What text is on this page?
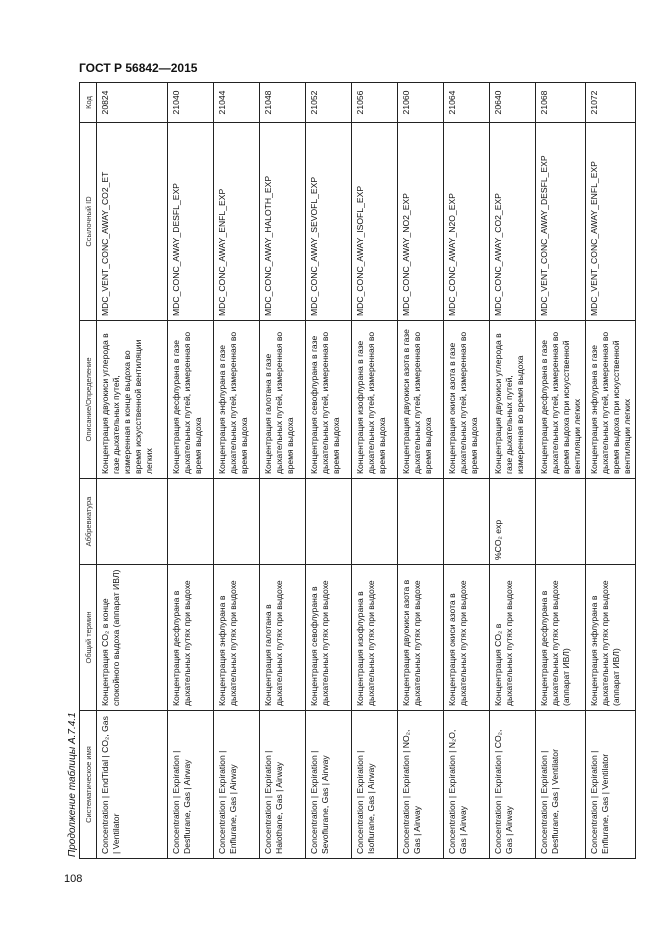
ГОСТ Р 56842—2015
Продолжение таблицы А.7.4.1 Систематическое имя	Общий термин	Аббревиатура	Описание/Определение	Ссылочный ID	Код
Concentration | EndTidal | CO₂, Gas | Ventilator	Концентрация CO₂ в конце спокойного выдоха (аппарат ИВЛ)		Концентрация двуокиси углерода в газе дыхательных путей, измеренная в конце выдоха во время искусственной вентиляции легких	MDC_VENT_CONC_AWAY_CO2_ET	20824
Concentration | Expiration | Desflurane, Gas | Airway	Концентрация десфлурана в дыхательных путях при выдохе		Концентрация десфлурана в газе дыхательных путей, измеренная во время выдоха	MDC_CONC_AWAY_DESFL_EXP	21040
Concentration | Expiration | Enflurane, Gas | Airway	Концентрация энфлурана в дыхательных путях при выдохе		Концентрация энфлурана в газе дыхательных путей, измеренная во время выдоха	MDC_CONC_AWAY_ENFL_EXP	21044
Concentration | Expiration | Halothane, Gas | Airway	Концентрация галотана в дыхательных путях при выдохе		Концентрация галотана в газе дыхательных путей, измеренная во время выдоха	MDC_CONC_AWAY_HALOTH_EXP	21048
Concentration | Expiration | Sevoflurane, Gas | Airway	Концентрация севофлурана в дыхательных путях при выдохе		Концентрация севофлурана в газе дыхательных путей, измеренная во время выдоха	MDC_CONC_AWAY_SEVOFL_EXP	21052
Concentration | Expiration | Isoflurane, Gas | Airway	Концентрация изофлурана в дыхательных путях при выдохе		Концентрация изофлурана в газе дыхательных путей, измеренная во время выдоха	MDC_CONC_AWAY_ISOFL_EXP	21056
Concentration | Expiration | NO₂, Gas | Airway	Концентрация двуокиси азота в дыхательных путях при выдохе		Концентрация двуокиси азота в газе дыхательных путей, измеренная во время выдоха	MDC_CONC_AWAY_NO2_EXP	21060
Concentration | Expiration | N₂O, Gas | Airway	Концентрация окиси азота в дыхательных путях при выдохе		Концентрация окиси азота в газе дыхательных путей, измеренная во время выдоха	MDC_CONC_AWAY_N2O_EXP	21064
Concentration | Expiration | CO₂, Gas | Airway	Концентрация CO₂ в дыхательных путях при выдохе	%CO₂ exp	Концентрация двуокиси углерода в газе дыхательных путей, измеренная во время выдоха	MDC_CONC_AWAY_CO2_EXP	20640
Concentration | Expiration | Desflurane, Gas | Ventilator	Концентрация десфлурана в дыхательных путях при выдохе (аппарат ИВЛ)		Концентрация десфлурана в газе дыхательных путей, измеренная во время выдоха при искусственной вентиляции легких	MDC_VENT_CONC_AWAY_DESFL_EXP	21068
Concentration | Expiration | Enflurane, Gas | Ventilator	Концентрация энфлурана в дыхательных путях при выдохе (аппарат ИВЛ)		Концентрация энфлурана в газе дыхательных путей, измеренная во время выдоха при искусственной вентиляции легких	MDC_VENT_CONC_AWAY_ENFL_EXP	21072
108
